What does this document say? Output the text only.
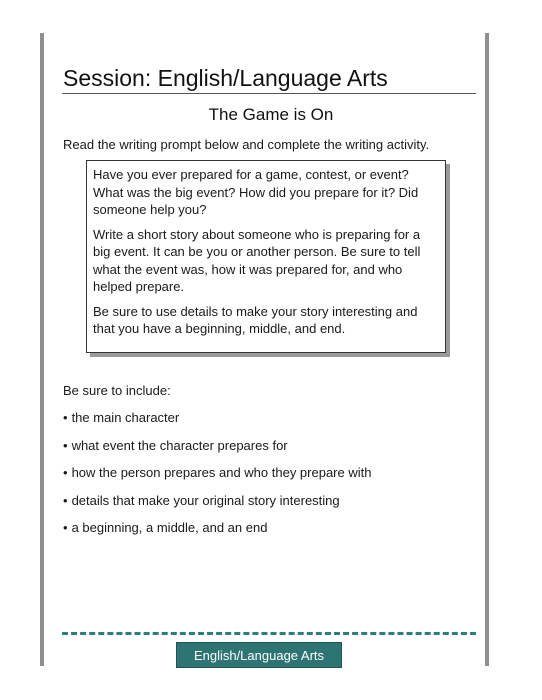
Session: English/Language Arts
The Game is On
Read the writing prompt below and complete the writing activity.

Have you ever prepared for a game, contest, or event? What was the big event? How did you prepare for it? Did someone help you?

Write a short story about someone who is preparing for a big event. It can be you or another person. Be sure to tell what the event was, how it was prepared for, and who helped prepare.

Be sure to use details to make your story interesting and that you have a beginning, middle, and end.

Be sure to include:
• the main character
• what event the character prepares for
• how the person prepares and who they prepare with
• details that make your original story interesting
• a beginning, a middle, and an end
English/Language Arts
